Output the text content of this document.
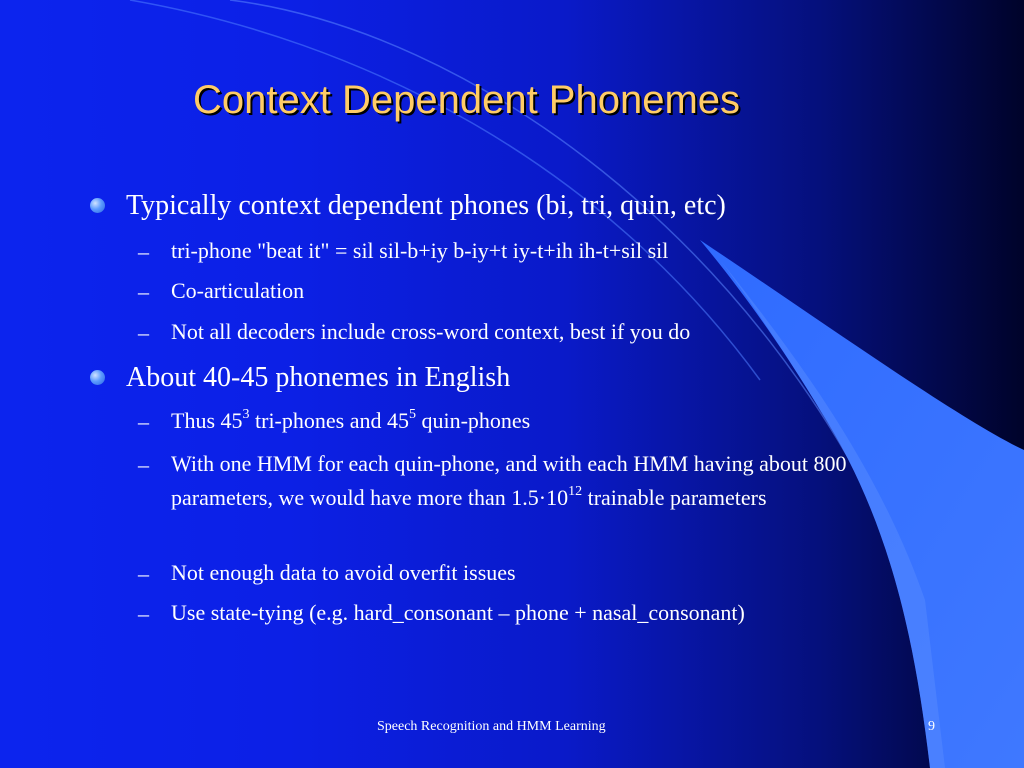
Context Dependent Phonemes
Typically context dependent phones (bi, tri, quin, etc)
– tri-phone "beat it" = sil sil-b+iy b-iy+t iy-t+ih ih-t+sil sil
– Co-articulation
– Not all decoders include cross-word context, best if you do
About 40-45 phonemes in English
– Thus $45^3$ tri-phones and $45^5$ quin-phones
– With one HMM for each quin-phone, and with each HMM having about 800 parameters, we would have more than $1.5\cdot 10^{12}$ trainable parameters
– Not enough data to avoid overfit issues
– Use state-tying (e.g. hard_consonant – phone + nasal_consonant)
Speech Recognition and HMM Learning	9
